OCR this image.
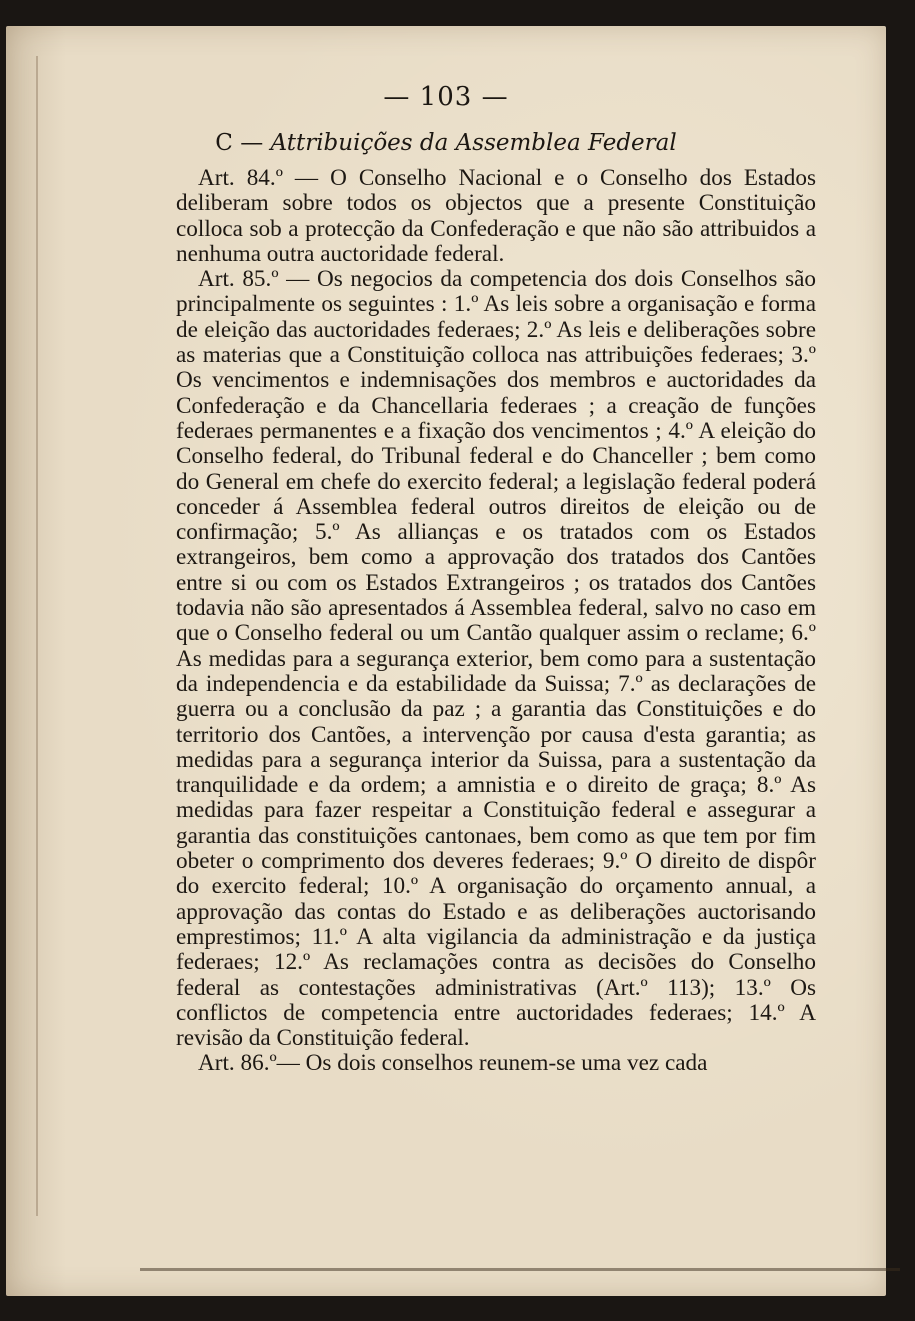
— 103 —
C — Attribuições da Assemblea Federal

Art. 84.º — O Conselho Nacional e o Conselho dos Estados deliberam sobre todos os objectos que a presente Constituição colloca sob a protecção da Confederação e que não são attribuidos a nenhuma outra auctoridade federal.

Art. 85.º — Os negocios da competencia dos dois Conselhos são principalmente os seguintes : 1.º As leis sobre a organisação e forma de eleição das auctoridades federaes; 2.º As leis e deliberações sobre as materias que a Constituição colloca nas attribuições federaes; 3.º Os vencimentos e indemnisações dos membros e auctoridades da Confederação e da Chancellaria federaes ; a creação de funções federaes permanentes e a fixação dos vencimentos ; 4.º A eleição do Conselho federal, do Tribunal federal e do Chanceller ; bem como do General em chefe do exercito federal; a legislação federal poderá conceder á Assemblea federal outros direitos de eleição ou de confirmação; 5.º As allianças e os tratados com os Estados extrangeiros, bem como a approvação dos tratados dos Cantões entre si ou com os Estados Extrangeiros ; os tratados dos Cantões todavia não são apresentados á Assemblea federal, salvo no caso em que o Conselho federal ou um Cantão qualquer assim o reclame; 6.º As medidas para a segurança exterior, bem como para a sustentação da independencia e da estabilidade da Suissa; 7.º as declarações de guerra ou a conclusão da paz ; a garantia das Constituições e do territorio dos Cantões, a intervenção por causa d'esta garantia; as medidas para a segurança interior da Suissa, para a sustentação da tranquilidade e da ordem; a amnistia e o direito de graça; 8.º As medidas para fazer respeitar a Constituição federal e assegurar a garantia das constituições cantonaes, bem como as que tem por fim obeter o comprimento dos deveres federaes; 9.º O direito de dispôr do exercito federal; 10.º A organisação do orçamento annual, a approvação das contas do Estado e as deliberações auctorisando emprestimos; 11.º A alta vigilancia da administração e da justiça federaes; 12.º As reclamações contra as decisões do Conselho federal as contestações administrativas (Art.º 113); 13.º Os conflictos de competencia entre auctoridades federaes; 14.º A revisão da Constituição federal.

Art. 86.º— Os dois conselhos reunem-se uma vez cada
